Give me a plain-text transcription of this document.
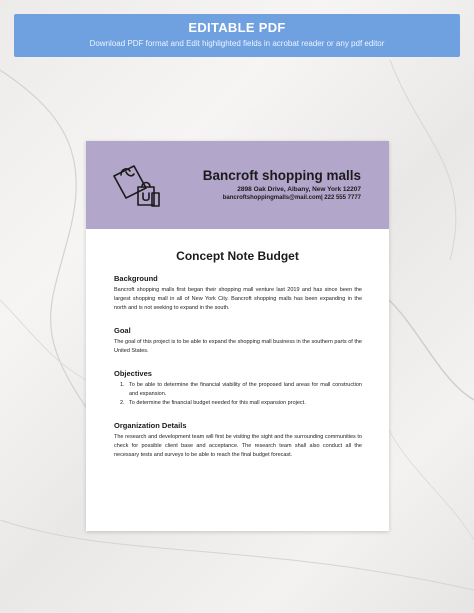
EDITABLE PDF
Download PDF format and Edit highlighted fields in acrobat reader or any pdf editor
Bancroft shopping malls
2898 Oak Drive, Albany, New York 12207
bancroftshoppingmalls@mail.com| 222 555 7777
Concept Note Budget
Background
Bancroft shopping malls first began their shopping mall venture last 2019 and has since been the largest shopping mall in all of New York City. Bancroft shopping malls has been expanding in the north and is not seeking to expand in the south.
Goal
The goal of this project is to be able to expand the shopping mall business in the southern parts of the United States.
Objectives
1. To be able to determine the financial viability of the proposed land areas for mall construction and expansion.
2. To determine the financial budget needed for this mall expansion project.
Organization Details
The research and development team will first be visiting the sight and the surrounding communities to check for possible client base and acceptance. The research team shall also conduct all the necessary tests and surveys to be able to reach the final budget forecast.
